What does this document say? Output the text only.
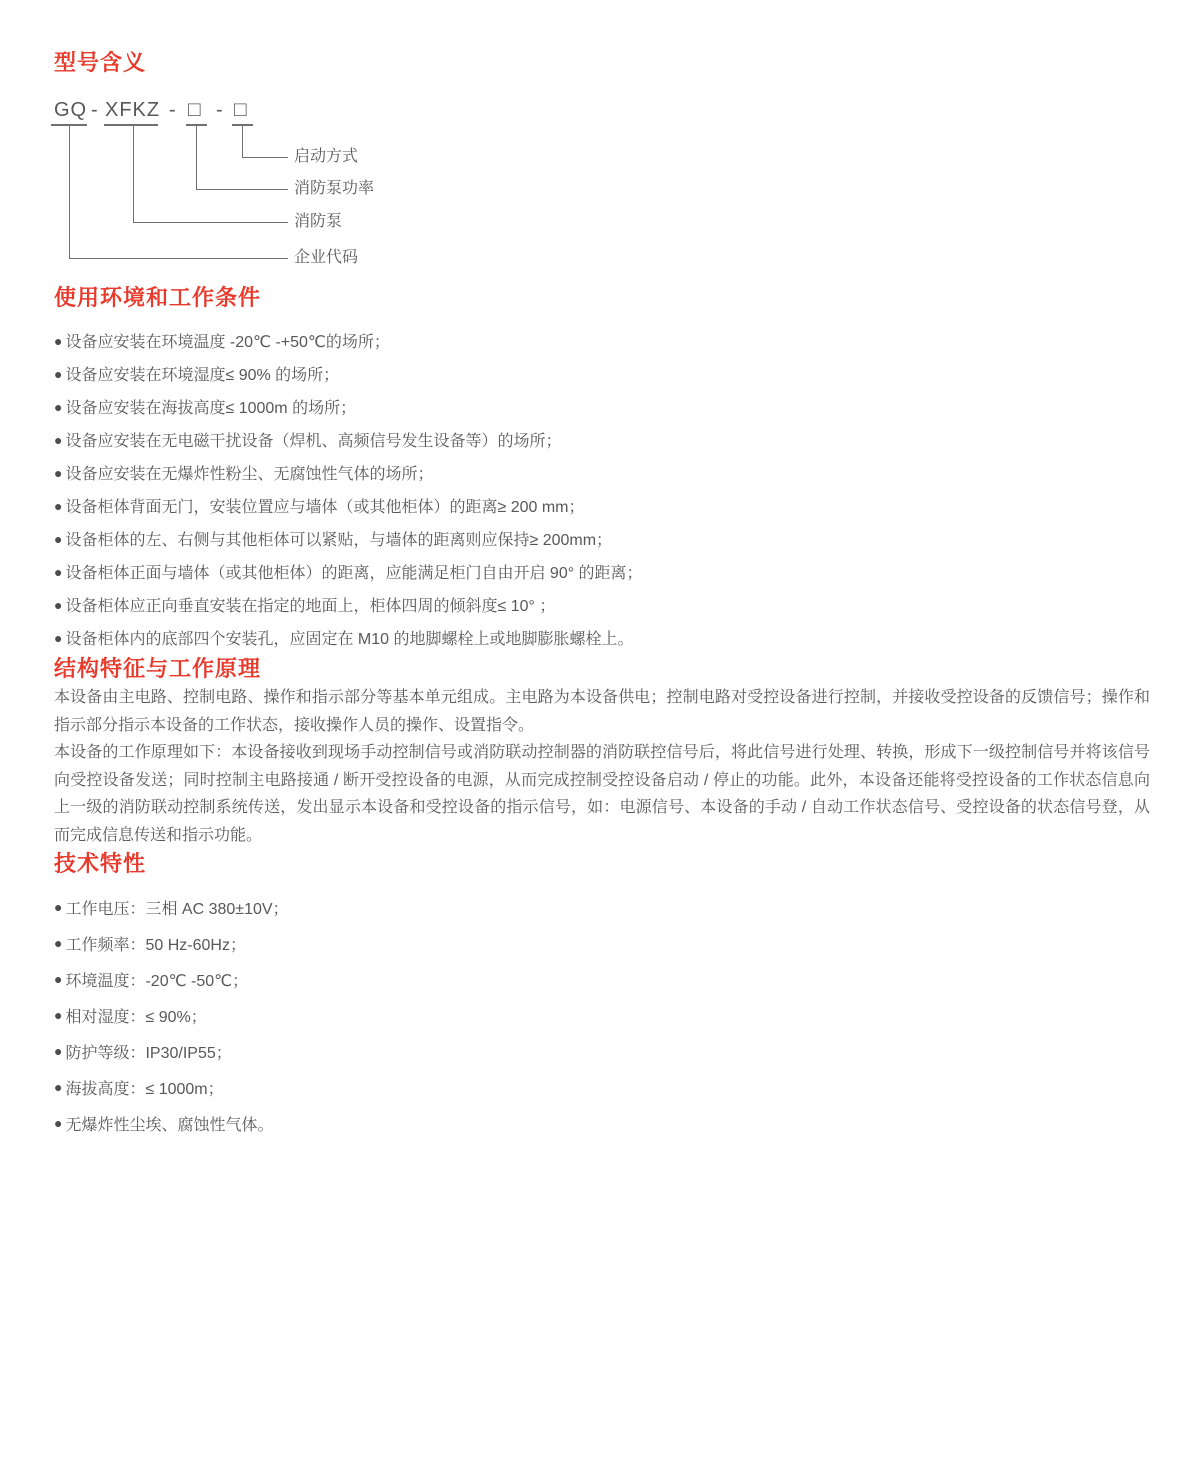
型号含义
GQ - XFKZ - □ - □
启动方式
消防泵功率
消防泵
企业代码
使用环境和工作条件
● 设备应安装在环境温度 -20℃ -+50℃的场所；
● 设备应安装在环境湿度≤ 90% 的场所；
● 设备应安装在海拔高度≤ 1000m 的场所；
● 设备应安装在无电磁干扰设备（焊机、高频信号发生设备等）的场所；
● 设备应安装在无爆炸性粉尘、无腐蚀性气体的场所；
● 设备柜体背面无门，安装位置应与墙体（或其他柜体）的距离≥ 200 mm；
● 设备柜体的左、右侧与其他柜体可以紧贴，与墙体的距离则应保持≥ 200mm；
● 设备柜体正面与墙体（或其他柜体）的距离，应能满足柜门自由开启 90° 的距离；
● 设备柜体应正向垂直安装在指定的地面上，柜体四周的倾斜度≤ 10° ；
● 设备柜体内的底部四个安装孔，应固定在 M10 的地脚螺栓上或地脚膨胀螺栓上。
结构特征与工作原理

本设备由主电路、控制电路、操作和指示部分等基本单元组成。主电路为本设备供电；控制电路对受控设备进行控制，并接收受控设备的反馈信号；操作和指示部分指示本设备的工作状态，接收操作人员的操作、设置指令。

本设备的工作原理如下：本设备接收到现场手动控制信号或消防联动控制器的消防联控信号后，将此信号进行处理、转换，形成下一级控制信号并将该信号向受控设备发送；同时控制主电路接通 / 断开受控设备的电源，从而完成控制受控设备启动 / 停止的功能。此外，本设备还能将受控设备的工作状态信息向上一级的消防联动控制系统传送，发出显示本设备和受控设备的指示信号，如：电源信号、本设备的手动 / 自动工作状态信号、受控设备的状态信号登，从而完成信息传送和指示功能。

技术特性
● 工作电压：三相 AC 380±10V；
● 工作频率：50 Hz-60Hz；
● 环境温度：-20℃ -50℃；
● 相对湿度：≤ 90%；
● 防护等级：IP30/IP55；
● 海拔高度：≤ 1000m；
● 无爆炸性尘埃、腐蚀性气体。
